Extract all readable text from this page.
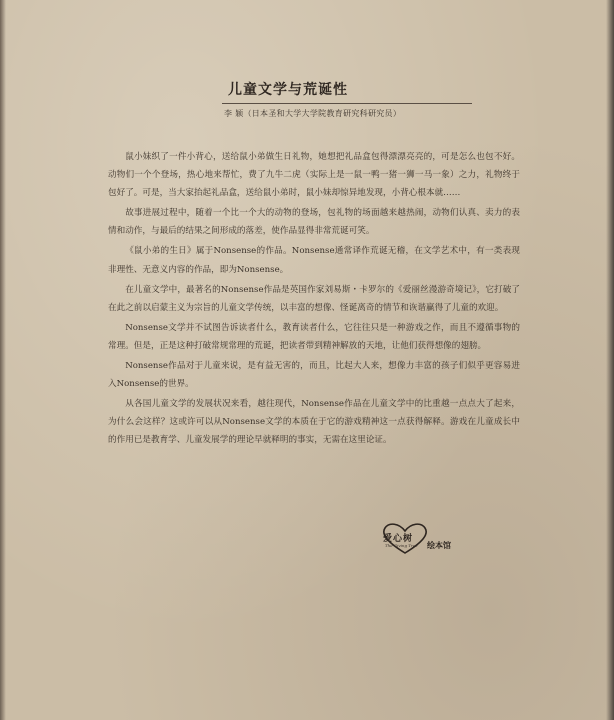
儿童文学与荒诞性
李 颖（日本圣和大学大学院教育研究科研究员）

鼠小妹织了一件小背心，送给鼠小弟做生日礼物，她想把礼品盒包得漂漂亮亮的，可是怎么也包不好。动物们一个个登场，热心地来帮忙，费了九牛二虎（实际上是一鼠一鸭一猪一狮一马一象）之力，礼物终于包好了。可是，当大家抬起礼品盒，送给鼠小弟时，鼠小妹却惊异地发现，小背心根本就……

故事进展过程中，随着一个比一个大的动物的登场，包礼物的场面越来越热闹，动物们认真、卖力的表情和动作，与最后的结果之间形成的落差，使作品显得非常荒诞可笑。

《鼠小弟的生日》属于Nonsense的作品。Nonsense通常译作荒诞无稽，在文学艺术中，有一类表现非理性、无意义内容的作品，即为Nonsense。

在儿童文学中，最著名的Nonsense作品是英国作家刘易斯・卡罗尔的《爱丽丝漫游奇境记》，它打破了在此之前以启蒙主义为宗旨的儿童文学传统，以丰富的想像、怪诞离奇的情节和诙谐赢得了儿童的欢迎。

Nonsense文学并不试图告诉读者什么，教育读者什么，它往往只是一种游戏之作，而且不遵循事物的常理。但是，正是这种打破常规常理的荒诞，把读者带到精神解放的天地，让他们获得想像的翅膀。

Nonsense作品对于儿童来说，是有益无害的，而且，比起大人来，想像力丰富的孩子们似乎更容易进入Nonsense的世界。

从各国儿童文学的发展状况来看，越往现代，Nonsense作品在儿童文学中的比重越一点点大了起来，为什么会这样？这或许可以从Nonsense文学的本质在于它的游戏精神这一点获得解释。游戏在儿童成长中的作用已是教育学、儿童发展学的理论早就释明的事实，无需在这里论证。

爱心树
The Giving Tree 绘本馆
